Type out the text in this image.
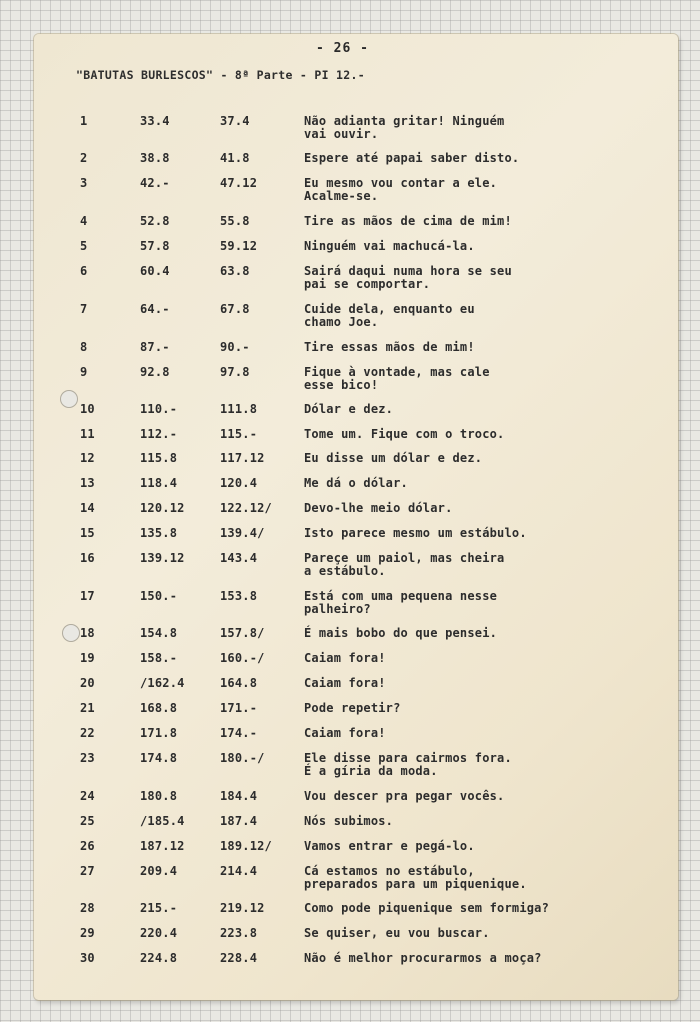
- 26 -
"BATUTAS BURLESCOS" - 8ª Parte - PI 12.-
1	33.4	37.4	Não adianta gritar! Ninguém
vai ouvir.
2	38.8	41.8	Espere até papai saber disto.
3	42.-	47.12	Eu mesmo vou contar a ele.
Acalme-se.
4	52.8	55.8	Tire as mãos de cima de mim!
5	57.8	59.12	Ninguém vai machucá-la.
6	60.4	63.8	Sairá daqui numa hora se seu
pai se comportar.
7	64.-	67.8	Cuide dela, enquanto eu
chamo Joe.
8	87.-	90.-	Tire essas mãos de mim!
9	92.8	97.8	Fique à vontade, mas cale
esse bico!
10	110.-	111.8	Dólar e dez.
11	112.-	115.-	Tome um. Fique com o troco.
12	115.8	117.12	Eu disse um dólar e dez.
13	118.4	120.4	Me dá o dólar.
14	120.12	122.12/	Devo-lhe meio dólar.
15	135.8	139.4/	Isto parece mesmo um estábulo.
16	139.12	143.4	Pareçe um paiol, mas cheira
a estábulo.
17	150.-	153.8	Está com uma pequena nesse
palheiro?
18	154.8	157.8/	É mais bobo do que pensei.
19	158.-	160.-/	Caiam fora!
20	/162.4	164.8	Caiam fora!
21	168.8	171.-	Pode repetir?
22	171.8	174.-	Caiam fora!
23	174.8	180.-/	Ele disse para cairmos fora.
É a gíria da moda.
24	180.8	184.4	Vou descer pra pegar vocês.
25	/185.4	187.4	Nós subimos.
26	187.12	189.12/	Vamos entrar e pegá-lo.
27	209.4	214.4	Cá estamos no estábulo,
preparados para um piquenique.
28	215.-	219.12	Como pode piquenique sem formiga?
29	220.4	223.8	Se quiser, eu vou buscar.
30	224.8	228.4	Não é melhor procurarmos a moça?
